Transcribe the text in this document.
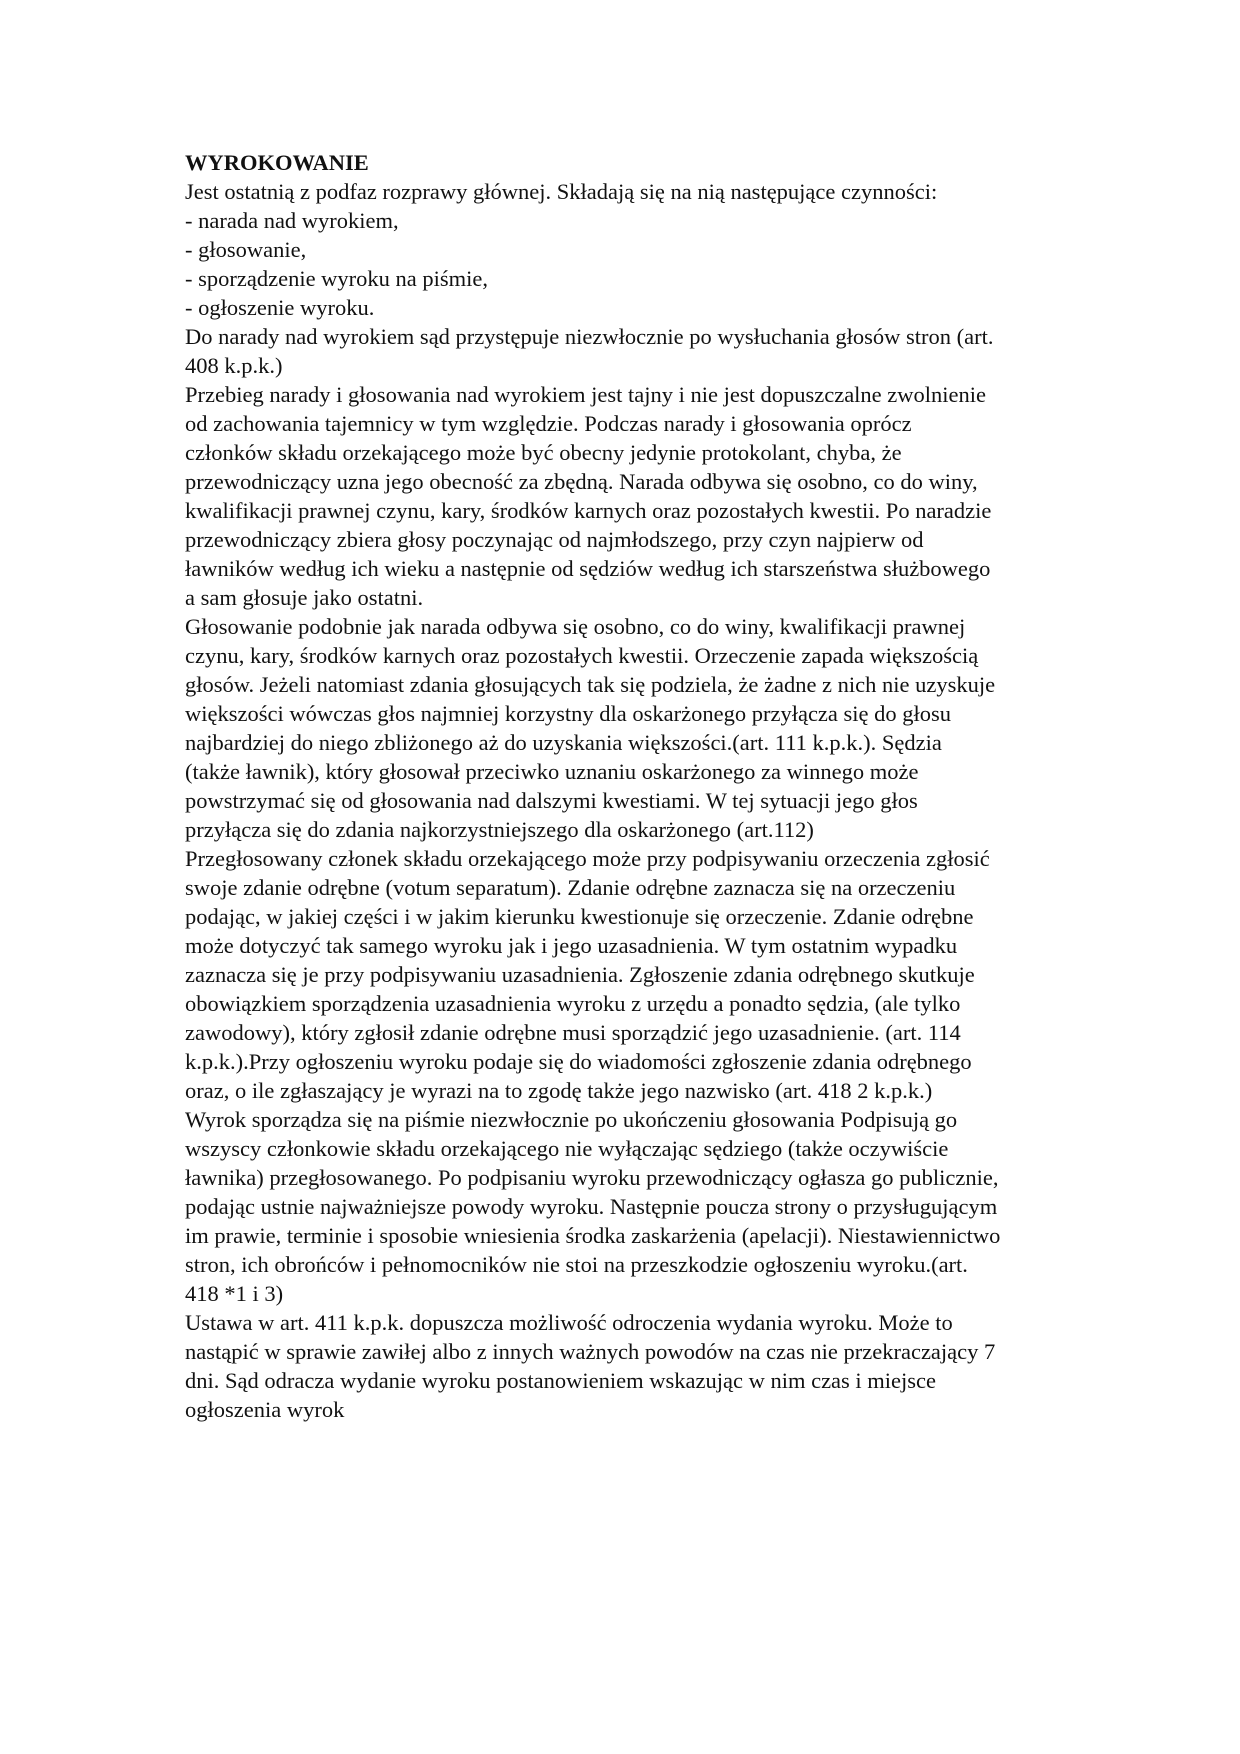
WYROKOWANIE
Jest ostatnią z podfaz rozprawy głównej. Składają się na nią następujące czynności:
- narada nad wyrokiem,
- głosowanie,
- sporządzenie wyroku na piśmie,
- ogłoszenie wyroku.
Do narady nad wyrokiem sąd przystępuje niezwłocznie po wysłuchania głosów stron (art.
408 k.p.k.)
Przebieg narady i głosowania nad wyrokiem jest tajny i nie jest dopuszczalne zwolnienie
od zachowania tajemnicy w tym względzie. Podczas narady i głosowania oprócz
członków składu orzekającego może być obecny jedynie protokolant, chyba, że
przewodniczący uzna jego obecność za zbędną. Narada odbywa się osobno, co do winy,
kwalifikacji prawnej czynu, kary, środków karnych oraz pozostałych kwestii. Po naradzie
przewodniczący zbiera głosy poczynając od najmłodszego, przy czyn najpierw od
ławników według ich wieku a następnie od sędziów według ich starszeństwa służbowego
a sam głosuje jako ostatni.
Głosowanie podobnie jak narada odbywa się osobno, co do winy, kwalifikacji prawnej
czynu, kary, środków karnych oraz pozostałych kwestii. Orzeczenie zapada większością
głosów. Jeżeli natomiast zdania głosujących tak się podziela, że żadne z nich nie uzyskuje
większości wówczas głos najmniej korzystny dla oskarżonego przyłącza się do głosu
najbardziej do niego zbliżonego aż do uzyskania większości.(art. 111 k.p.k.). Sędzia
(także ławnik), który głosował przeciwko uznaniu oskarżonego za winnego może
powstrzymać się od głosowania nad dalszymi kwestiami. W tej sytuacji jego głos
przyłącza się do zdania najkorzystniejszego dla oskarżonego (art.112)
Przegłosowany członek składu orzekającego może przy podpisywaniu orzeczenia zgłosić
swoje zdanie odrębne (votum separatum). Zdanie odrębne zaznacza się na orzeczeniu
podając, w jakiej części i w jakim kierunku kwestionuje się orzeczenie. Zdanie odrębne
może dotyczyć tak samego wyroku jak i jego uzasadnienia. W tym ostatnim wypadku
zaznacza się je przy podpisywaniu uzasadnienia. Zgłoszenie zdania odrębnego skutkuje
obowiązkiem sporządzenia uzasadnienia wyroku z urzędu a ponadto sędzia, (ale tylko
zawodowy), który zgłosił zdanie odrębne musi sporządzić jego uzasadnienie. (art. 114
k.p.k.).Przy ogłoszeniu wyroku podaje się do wiadomości zgłoszenie zdania odrębnego
oraz, o ile zgłaszający je wyrazi na to zgodę także jego nazwisko (art. 418 2 k.p.k.)
Wyrok sporządza się na piśmie niezwłocznie po ukończeniu głosowania Podpisują go
wszyscy członkowie składu orzekającego nie wyłączając sędziego (także oczywiście
ławnika) przegłosowanego. Po podpisaniu wyroku przewodniczący ogłasza go publicznie,
podając ustnie najważniejsze powody wyroku. Następnie poucza strony o przysługującym
im prawie, terminie i sposobie wniesienia środka zaskarżenia (apelacji). Niestawiennictwo
stron, ich obrońców i pełnomocników nie stoi na przeszkodzie ogłoszeniu wyroku.(art.
418 *1 i 3)
Ustawa w art. 411 k.p.k. dopuszcza możliwość odroczenia wydania wyroku. Może to
nastąpić w sprawie zawiłej albo z innych ważnych powodów na czas nie przekraczający 7
dni. Sąd odracza wydanie wyroku postanowieniem wskazując w nim czas i miejsce
ogłoszenia wyrok
